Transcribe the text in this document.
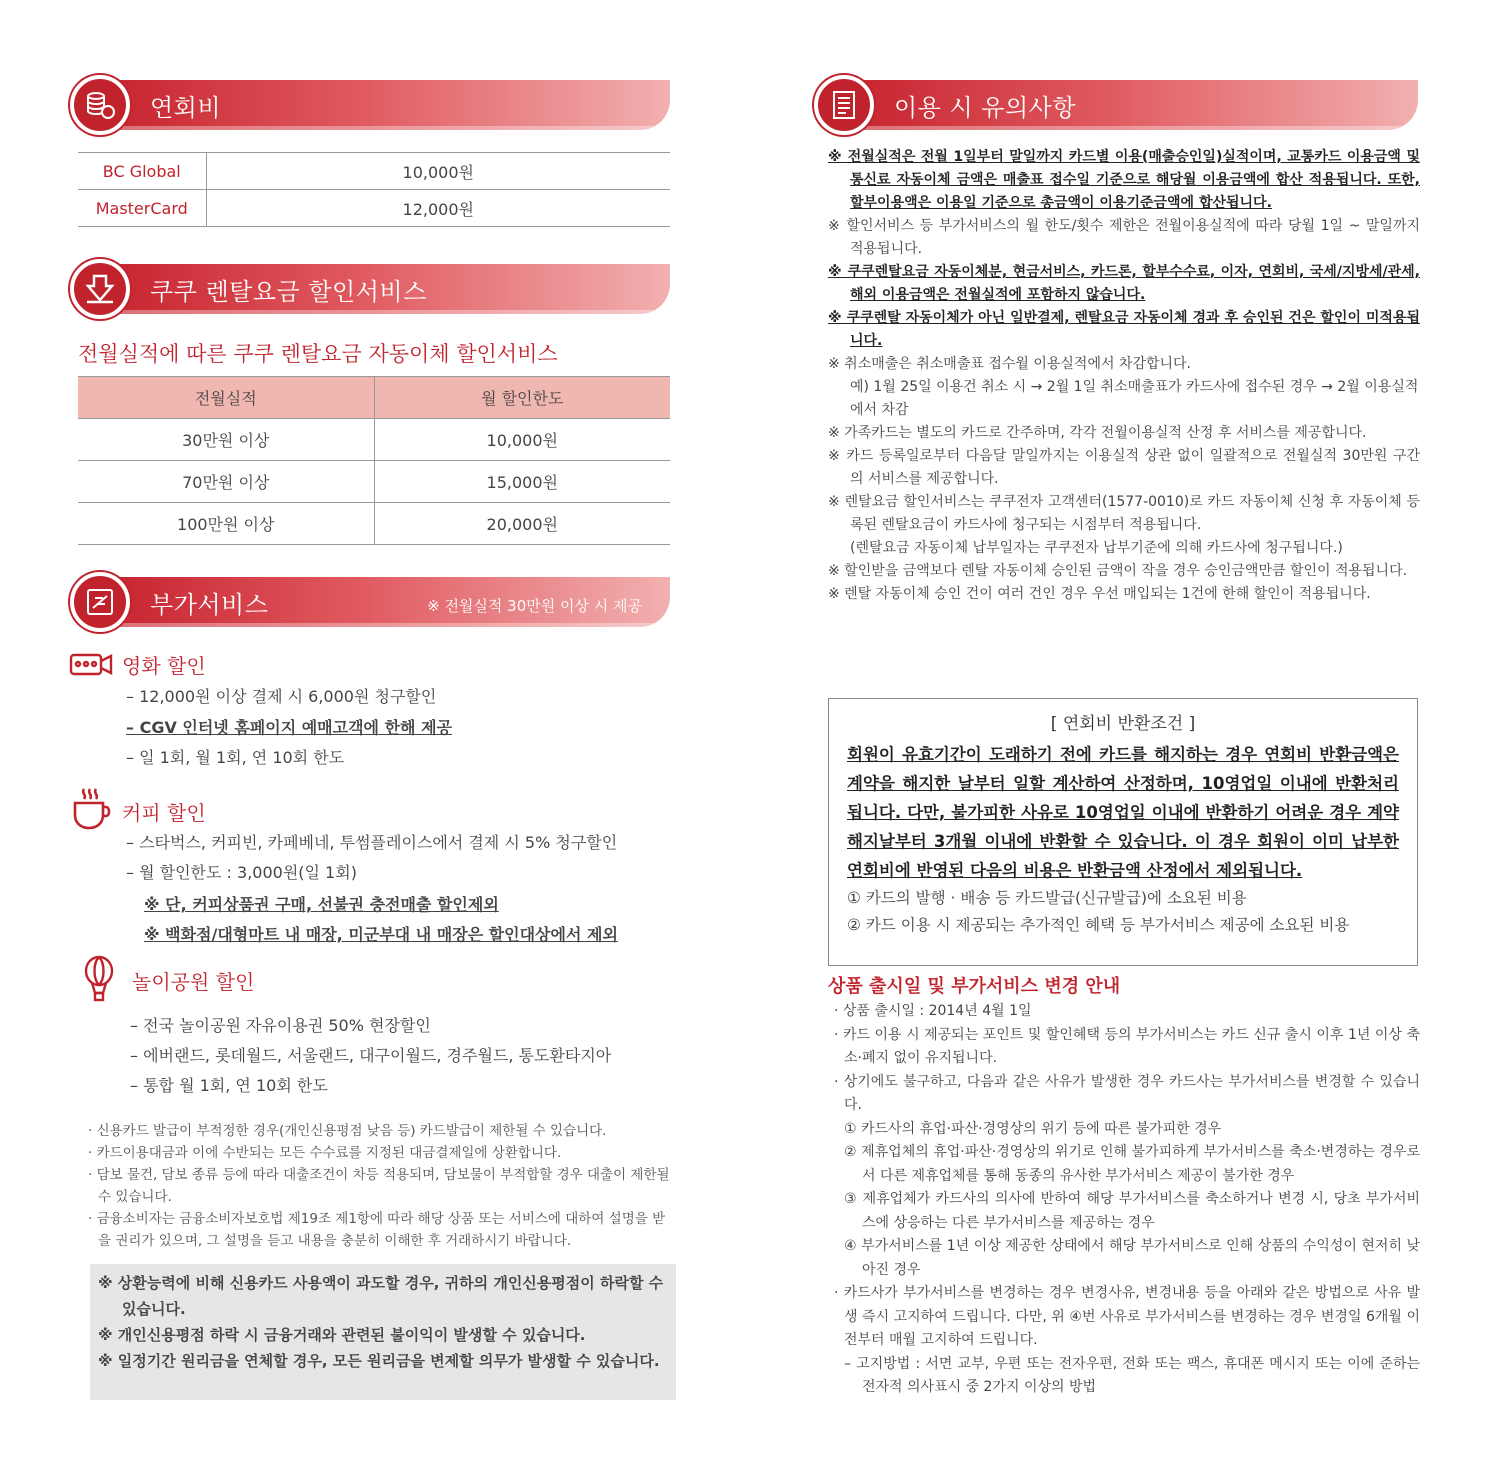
연회비
BC Global	10,000원
MasterCard	12,000원
쿠쿠 렌탈요금 할인서비스
전월실적에 따른 쿠쿠 렌탈요금 자동이체 할인서비스
전월실적	월 할인한도
30만원 이상	10,000원
70만원 이상	15,000원
100만원 이상	20,000원
부가서비스	※ 전월실적 30만원 이상 시 제공
영화 할인
– 12,000원 이상 결제 시 6,000원 청구할인
– CGV 인터넷 홈페이지 예매고객에 한해 제공
– 일 1회, 월 1회, 연 10회 한도
커피 할인
– 스타벅스, 커피빈, 카페베네, 투썸플레이스에서 결제 시 5% 청구할인
– 월 할인한도 : 3,000원(일 1회)
※ 단, 커피상품권 구매, 선불권 충전매출 할인제외
※ 백화점/대형마트 내 매장, 미군부대 내 매장은 할인대상에서 제외
놀이공원 할인
– 전국 놀이공원 자유이용권 50% 현장할인
– 에버랜드, 롯데월드, 서울랜드, 대구이월드, 경주월드, 통도환타지아
– 통합 월 1회, 연 10회 한도
· 신용카드 발급이 부적정한 경우(개인신용평점 낮음 등) 카드발급이 제한될 수 있습니다.
· 카드이용대금과 이에 수반되는 모든 수수료를 지정된 대금결제일에 상환합니다.
· 담보 물건, 담보 종류 등에 따라 대출조건이 차등 적용되며, 담보물이 부적합할 경우 대출이 제한될 수 있습니다.
· 금융소비자는 금융소비자보호법 제19조 제1항에 따라 해당 상품 또는 서비스에 대하여 설명을 받을 권리가 있으며, 그 설명을 듣고 내용을 충분히 이해한 후 거래하시기 바랍니다.
※ 상환능력에 비해 신용카드 사용액이 과도할 경우, 귀하의 개인신용평점이 하락할 수 있습니다.
※ 개인신용평점 하락 시 금융거래와 관련된 불이익이 발생할 수 있습니다.
※ 일정기간 원리금을 연체할 경우, 모든 원리금을 변제할 의무가 발생할 수 있습니다.
이용 시 유의사항
※ 전월실적은 전월 1일부터 말일까지 카드별 이용(매출승인일)실적이며, 교통카드 이용금액 및 통신료 자동이체 금액은 매출표 접수일 기준으로 해당월 이용금액에 합산 적용됩니다. 또한, 할부이용액은 이용일 기준으로 총금액이 이용기준금액에 합산됩니다.
※ 할인서비스 등 부가서비스의 월 한도/횟수 제한은 전월이용실적에 따라 당월 1일 ~ 말일까지 적용됩니다.
※ 쿠쿠렌탈요금 자동이체분, 현금서비스, 카드론, 할부수수료, 이자, 연회비, 국세/지방세/관세, 해외 이용금액은 전월실적에 포함하지 않습니다.
※ 쿠쿠렌탈 자동이체가 아닌 일반결제, 렌탈요금 자동이체 경과 후 승인된 건은 할인이 미적용됩니다.
※ 취소매출은 취소매출표 접수월 이용실적에서 차감합니다.
예) 1월 25일 이용건 취소 시 → 2월 1일 취소매출표가 카드사에 접수된 경우 → 2월 이용실적에서 차감
※ 가족카드는 별도의 카드로 간주하며, 각각 전월이용실적 산정 후 서비스를 제공합니다.
※ 카드 등록일로부터 다음달 말일까지는 이용실적 상관 없이 일괄적으로 전월실적 30만원 구간의 서비스를 제공합니다.
※ 렌탈요금 할인서비스는 쿠쿠전자 고객센터(1577-0010)로 카드 자동이체 신청 후 자동이체 등록된 렌탈요금이 카드사에 청구되는 시점부터 적용됩니다.
(렌탈요금 자동이체 납부일자는 쿠쿠전자 납부기준에 의해 카드사에 청구됩니다.)
※ 할인받을 금액보다 렌탈 자동이체 승인된 금액이 작을 경우 승인금액만큼 할인이 적용됩니다.
※ 렌탈 자동이체 승인 건이 여러 건인 경우 우선 매입되는 1건에 한해 할인이 적용됩니다.
[ 연회비 반환조건 ]
회원이 유효기간이 도래하기 전에 카드를 해지하는 경우 연회비 반환금액은 계약을 해지한 날부터 일할 계산하여 산정하며, 10영업일 이내에 반환처리됩니다. 다만, 불가피한 사유로 10영업일 이내에 반환하기 어려운 경우 계약 해지날부터 3개월 이내에 반환할 수 있습니다. 이 경우 회원이 이미 납부한 연회비에 반영된 다음의 비용은 반환금액 산정에서 제외됩니다.
① 카드의 발행 · 배송 등 카드발급(신규발급)에 소요된 비용
② 카드 이용 시 제공되는 추가적인 혜택 등 부가서비스 제공에 소요된 비용
상품 출시일 및 부가서비스 변경 안내
· 상품 출시일 : 2014년 4월 1일
· 카드 이용 시 제공되는 포인트 및 할인혜택 등의 부가서비스는 카드 신규 출시 이후 1년 이상 축소·폐지 없이 유지됩니다.
· 상기에도 불구하고, 다음과 같은 사유가 발생한 경우 카드사는 부가서비스를 변경할 수 있습니다.
① 카드사의 휴업·파산·경영상의 위기 등에 따른 불가피한 경우
② 제휴업체의 휴업·파산·경영상의 위기로 인해 불가피하게 부가서비스를 축소·변경하는 경우로서 다른 제휴업체를 통해 동종의 유사한 부가서비스 제공이 불가한 경우
③ 제휴업체가 카드사의 의사에 반하여 해당 부가서비스를 축소하거나 변경 시, 당초 부가서비스에 상응하는 다른 부가서비스를 제공하는 경우
④ 부가서비스를 1년 이상 제공한 상태에서 해당 부가서비스로 인해 상품의 수익성이 현저히 낮아진 경우
· 카드사가 부가서비스를 변경하는 경우 변경사유, 변경내용 등을 아래와 같은 방법으로 사유 발생 즉시 고지하여 드립니다. 다만, 위 ④번 사유로 부가서비스를 변경하는 경우 변경일 6개월 이전부터 매월 고지하여 드립니다.
– 고지방법 : 서면 교부, 우편 또는 전자우편, 전화 또는 팩스, 휴대폰 메시지 또는 이에 준하는 전자적 의사표시 중 2가지 이상의 방법
